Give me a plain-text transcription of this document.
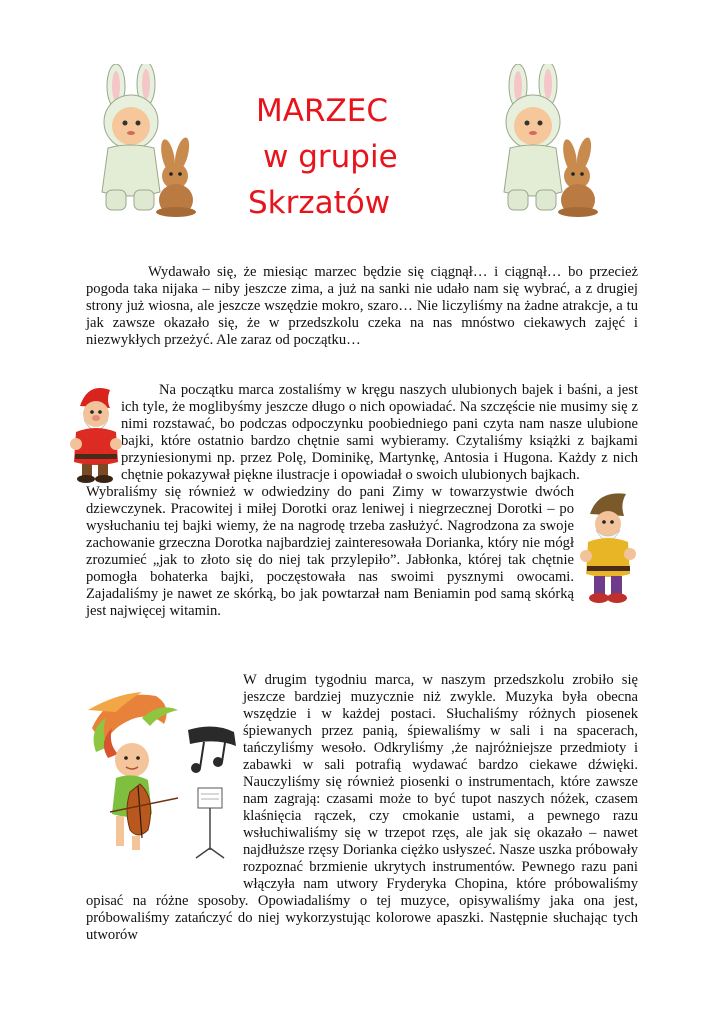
MARZEC
w grupie
Skrzatów

Wydawało się, że miesiąc marzec będzie się ciągnął… i ciągnął… bo przecież pogoda taka nijaka – niby jeszcze zima, a już na sanki nie udało nam się wybrać, a z drugiej strony już wiosna, ale jeszcze wszędzie mokro, szaro… Nie liczyliśmy na żadne atrakcje, a tu jak zawsze okazało się, że w przedszkolu czeka na nas mnóstwo ciekawych zajęć i niezwykłych przeżyć. Ale zaraz od początku…

Na początku marca zostaliśmy w kręgu naszych ulubionych bajek i baśni, a jest ich tyle, że moglibyśmy jeszcze długo o nich opowiadać. Na szczęście nie musimy się z nimi rozstawać, bo podczas odpoczynku poobiedniego pani czyta nam nasze ulubione bajki, które ostatnio bardzo chętnie sami wybieramy. Czytaliśmy książki z bajkami przyniesionymi np. przez Polę, Dominikę, Martynkę, Antosia i Hugona. Każdy z nich chętnie pokazywał piękne ilustracje i opowiadał o swoich ulubionych bajkach.

Wybraliśmy się również w odwiedziny do pani Zimy w towarzystwie dwóch dziewczynek. Pracowitej i miłej Dorotki oraz leniwej i niegrzecznej Dorotki – po wysłuchaniu tej bajki wiemy, że na nagrodę trzeba zasłużyć. Nagrodzona za swoje zachowanie grzeczna Dorotka najbardziej zainteresowała Dorianka, który nie mógł zrozumieć „jak to złoto się do niej tak przylepiło”. Jabłonka, której tak chętnie pomogła bohaterka bajki, poczęstowała nas swoimi pysznymi owocami. Zajadaliśmy je nawet ze skórką, bo jak powtarzał nam Beniamin pod samą skórką jest najwięcej witamin.

W drugim tygodniu marca, w naszym przedszkolu zrobiło się jeszcze bardziej muzycznie niż zwykle. Muzyka była obecna wszędzie i w każdej postaci. Słuchaliśmy różnych piosenek śpiewanych przez panią, śpiewaliśmy w sali i na spacerach, tańczyliśmy wesoło. Odkryliśmy ,że najróżniejsze przedmioty i zabawki w sali potrafią wydawać bardzo ciekawe dźwięki. Nauczyliśmy się również piosenki o instrumentach, które zawsze nam zagrają: czasami może to być tupot naszych nóżek, czasem klaśnięcia rączek, czy cmokanie ustami, a pewnego razu wsłuchiwaliśmy się w trzepot rzęs, ale jak się okazało – nawet najdłuższe rzęsy Dorianka ciężko usłyszeć. Nasze uszka próbowały rozpoznać brzmienie ukrytych instrumentów. Pewnego razu pani włączyła nam utwory Fryderyka Chopina, które próbowaliśmy opisać na różne sposoby. Opowiadaliśmy o tej muzyce, opisywaliśmy jaka ona jest, próbowaliśmy zatańczyć do niej wykorzystując kolorowe apaszki. Następnie słuchając tych utworów
